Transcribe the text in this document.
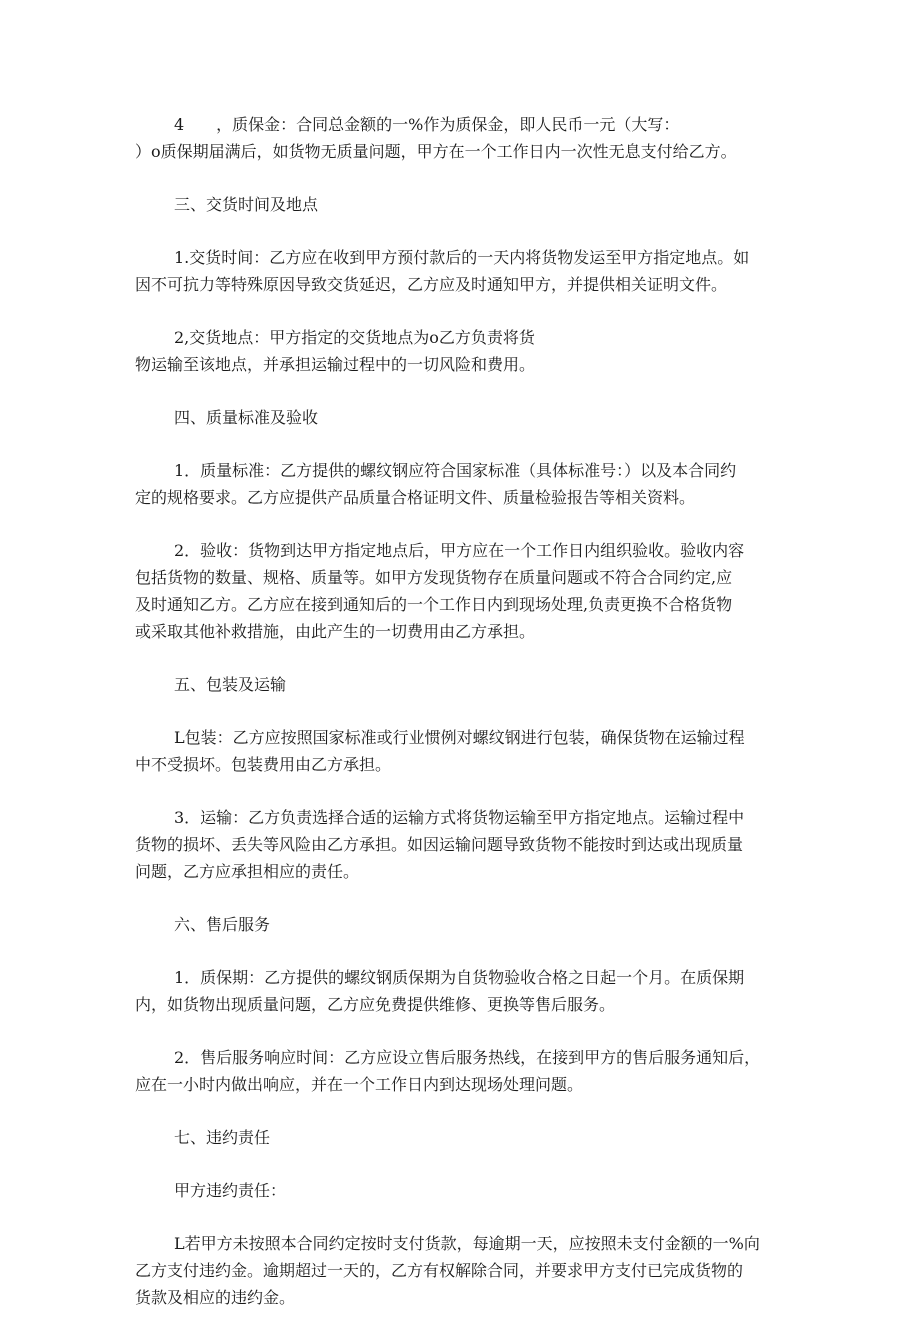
4　　，质保金：合同总金额的一%作为质保金，即人民币一元（大写：
）o质保期届满后，如货物无质量问题，甲方在一个工作日内一次性无息支付给乙方。
三、交货时间及地点
1.交货时间：乙方应在收到甲方预付款后的一天内将货物发运至甲方指定地点。如
因不可抗力等特殊原因导致交货延迟，乙方应及时通知甲方，并提供相关证明文件。
2,交货地点：甲方指定的交货地点为o乙方负责将货
物运输至该地点，并承担运输过程中的一切风险和费用。
四、质量标准及验收
1．质量标准：乙方提供的螺纹钢应符合国家标准（具体标准号：）以及本合同约
定的规格要求。乙方应提供产品质量合格证明文件、质量检验报告等相关资料。
2．验收：货物到达甲方指定地点后，甲方应在一个工作日内组织验收。验收内容
包括货物的数量、规格、质量等。如甲方发现货物存在质量问题或不符合合同约定,应
及时通知乙方。乙方应在接到通知后的一个工作日内到现场处理,负责更换不合格货物
或采取其他补救措施，由此产生的一切费用由乙方承担。
五、包装及运输
L包装：乙方应按照国家标准或行业惯例对螺纹钢进行包装，确保货物在运输过程
中不受损坏。包装费用由乙方承担。
3．运输：乙方负责选择合适的运输方式将货物运输至甲方指定地点。运输过程中
货物的损坏、丢失等风险由乙方承担。如因运输问题导致货物不能按时到达或出现质量
问题，乙方应承担相应的责任。
六、售后服务
1．质保期：乙方提供的螺纹钢质保期为自货物验收合格之日起一个月。在质保期
内，如货物出现质量问题，乙方应免费提供维修、更换等售后服务。
2．售后服务响应时间：乙方应设立售后服务热线，在接到甲方的售后服务通知后，
应在一小时内做出响应，并在一个工作日内到达现场处理问题。
七、违约责任
甲方违约责任：
L若甲方未按照本合同约定按时支付货款，每逾期一天，应按照未支付金额的一%向
乙方支付违约金。逾期超过一天的，乙方有权解除合同，并要求甲方支付已完成货物的
货款及相应的违约金。
